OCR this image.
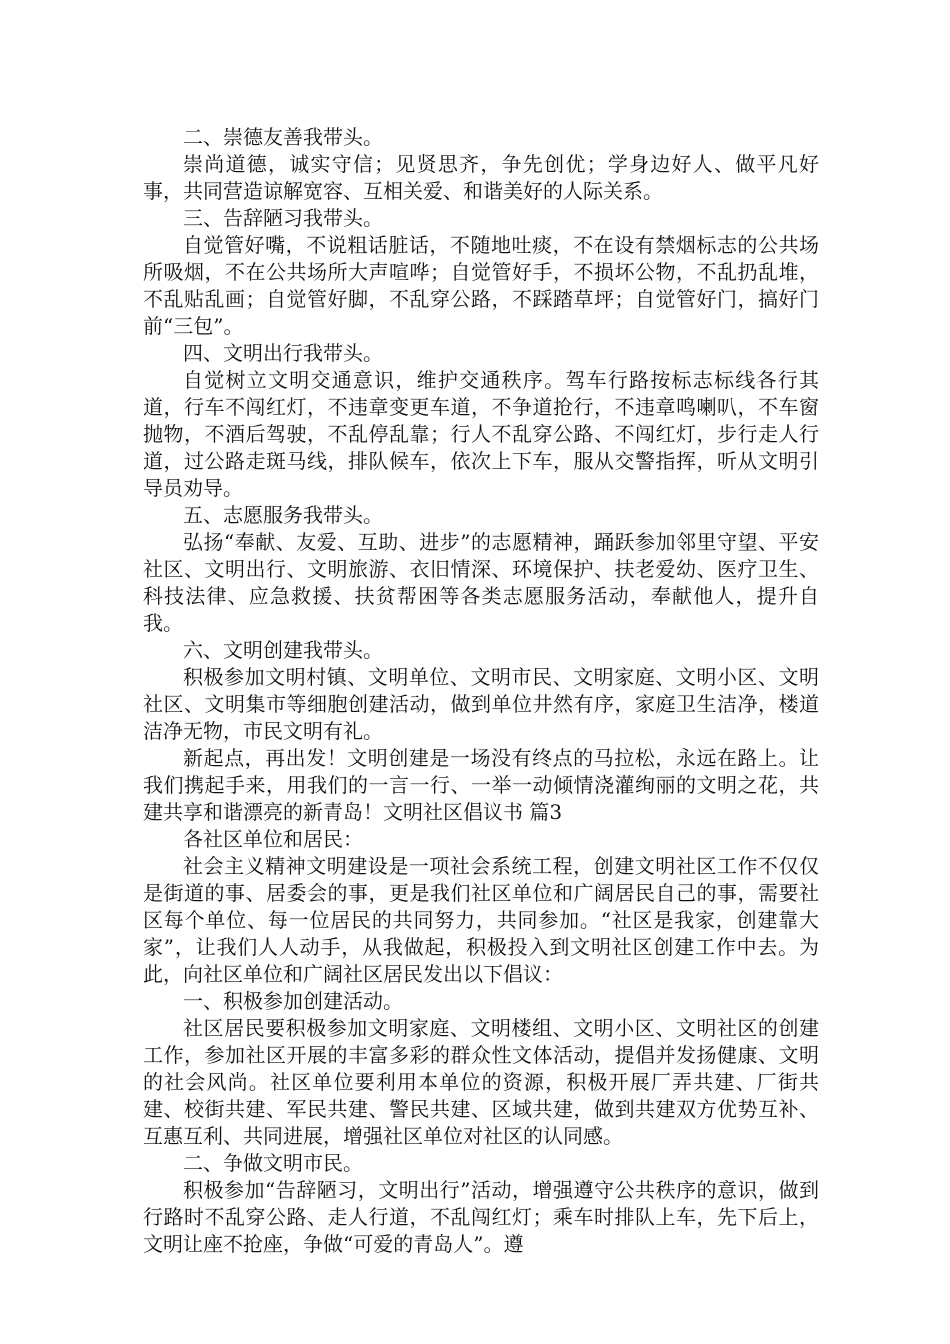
二、崇德友善我带头。

崇尚道德，诚实守信；见贤思齐，争先创优；学身边好人、做平凡好事，共同营造谅解宽容、互相关爱、和谐美好的人际关系。

三、告辞陋习我带头。

自觉管好嘴，不说粗话脏话，不随地吐痰，不在设有禁烟标志的公共场所吸烟，不在公共场所大声喧哗；自觉管好手，不损坏公物，不乱扔乱堆，不乱贴乱画；自觉管好脚，不乱穿公路，不踩踏草坪；自觉管好门，搞好门前“三包”。

四、文明出行我带头。

自觉树立文明交通意识，维护交通秩序。驾车行路按标志标线各行其道，行车不闯红灯，不违章变更车道，不争道抢行，不违章鸣喇叭，不车窗抛物，不酒后驾驶，不乱停乱靠；行人不乱穿公路、不闯红灯，步行走人行道，过公路走斑马线，排队候车，依次上下车，服从交警指挥，听从文明引导员劝导。

五、志愿服务我带头。

弘扬“奉献、友爱、互助、进步”的志愿精神，踊跃参加邻里守望、平安社区、文明出行、文明旅游、衣旧情深、环境保护、扶老爱幼、医疗卫生、科技法律、应急救援、扶贫帮困等各类志愿服务活动，奉献他人，提升自我。

六、文明创建我带头。

积极参加文明村镇、文明单位、文明市民、文明家庭、文明小区、文明社区、文明集市等细胞创建活动，做到单位井然有序，家庭卫生洁净，楼道洁净无物，市民文明有礼。

新起点，再出发！文明创建是一场没有终点的马拉松，永远在路上。让我们携起手来，用我们的一言一行、一举一动倾情浇灌绚丽的文明之花，共建共享和谐漂亮的新青岛！文明社区倡议书 篇3

各社区单位和居民：

社会主义精神文明建设是一项社会系统工程，创建文明社区工作不仅仅是街道的事、居委会的事，更是我们社区单位和广阔居民自己的事，需要社区每个单位、每一位居民的共同努力，共同参加。“社区是我家，创建靠大家”，让我们人人动手，从我做起，积极投入到文明社区创建工作中去。为此，向社区单位和广阔社区居民发出以下倡议：

一、积极参加创建活动。

社区居民要积极参加文明家庭、文明楼组、文明小区、文明社区的创建工作，参加社区开展的丰富多彩的群众性文体活动，提倡并发扬健康、文明的社会风尚。社区单位要利用本单位的资源，积极开展厂弄共建、厂街共建、校街共建、军民共建、警民共建、区域共建，做到共建双方优势互补、互惠互利、共同进展，增强社区单位对社区的认同感。

二、争做文明市民。

积极参加“告辞陋习，文明出行”活动，增强遵守公共秩序的意识，做到行路时不乱穿公路、走人行道，不乱闯红灯；乘车时排队上车，先下后上，文明让座不抢座，争做“可爱的青岛人”。遵
